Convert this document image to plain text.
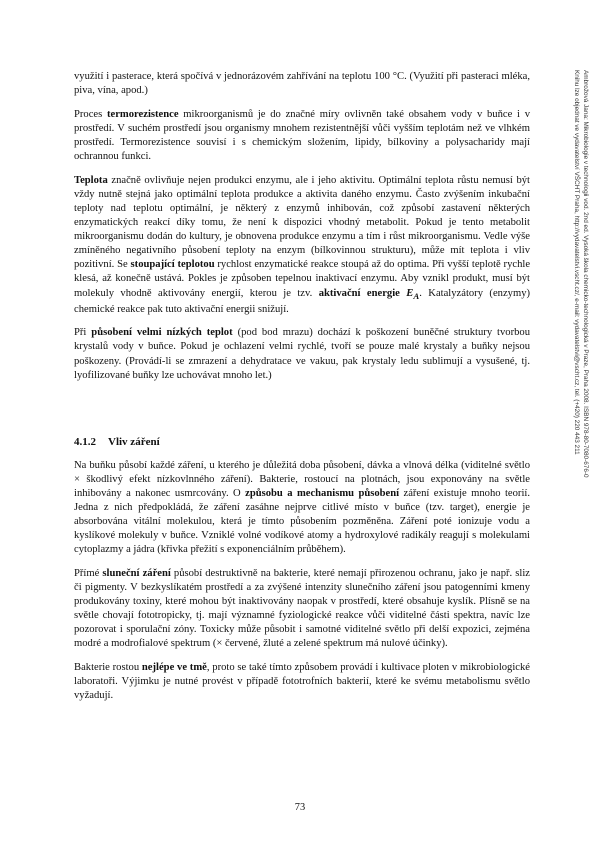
využití i pasterace, která spočívá v jednorázovém zahřívání na teplotu 100 °C. (Využití při pasteraci mléka, piva, vína, apod.)

Proces termorezistence mikroorganismů je do značné míry ovlivněn také obsahem vody v buňce i v prostředí. V suchém prostředí jsou organismy mnohem rezistentnější vůči vyšším teplotám než ve vlhkém prostředí. Termorezistence souvisí i s chemickým složením, lipidy, bílkoviny a polysacharidy mají ochrannou funkci.

Teplota značně ovlivňuje nejen produkci enzymu, ale i jeho aktivitu. Optimální teplota růstu nemusí být vždy nutně stejná jako optimální teplota produkce a aktivita daného enzymu. Často zvýšením inkubační teploty nad teplotu optimální, je některý z enzymů inhibován, což způsobí zastavení některých enzymatických reakcí díky tomu, že není k dispozici vhodný metabolit. Pokud je tento metabolit mikroorganismu dodán do kultury, je obnovena produkce enzymu a tím i růst mikroorganismu. Vedle výše zmíněného negativního působení teploty na enzym (bílkovinnou strukturu), může mít teplota i vliv pozitivní. Se stoupající teplotou rychlost enzymatické reakce stoupá až do optima. Při vyšší teplotě rychle klesá, až konečně ustává. Pokles je způsoben tepelnou inaktivací enzymu. Aby vznikl produkt, musí být molekuly vhodně aktivovány energií, kterou je tzv. aktivační energie $E_A$. Katalyzátory (enzymy) chemické reakce pak tuto aktivační energii snižují.

Při působení velmi nízkých teplot (pod bod mrazu) dochází k poškození buněčné struktury tvorbou krystalů vody v buňce. Pokud je ochlazení velmi rychlé, tvoří se pouze malé krystaly a buňky nejsou poškozeny. (Provádí-li se zmrazení a dehydratace ve vakuu, pak krystaly ledu sublimují a vysušené, tj. lyofilizované buňky lze uchovávat mnoho let.)

4.1.2 Vliv záření

Na buňku působí každé záření, u kterého je důležitá doba působení, dávka a vlnová délka (viditelné světlo × škodlivý efekt nízkovlnného záření). Bakterie, rostoucí na plotnách, jsou exponovány na světle inhibovány a nakonec usmrcovány. O způsobu a mechanismu působení záření existuje mnoho teorií. Jedna z nich předpokládá, že záření zasáhne nejprve citlivé místo v buňce (tzv. target), energie je absorbována vitální molekulou, která je tímto působením pozměněna. Záření poté ionizuje vodu a kyslíkové molekuly v buňce. Vzniklé volné vodíkové atomy a hydroxylové radikály reagují s molekulami cytoplazmy a jádra (křivka přežití s exponenciálním průběhem).

Přímé sluneční záření působí destruktivně na bakterie, které nemají přirozenou ochranu, jako je např. sliz či pigmenty. V bezkyslíkatém prostředí a za zvýšené intenzity slunečního záření jsou patogenními kmeny produkovány toxiny, které mohou být inaktivovány naopak v prostředí, které obsahuje kyslík. Plísně se na světle chovají fototropicky, tj. mají významné fyziologické reakce vůči viditelné části spektra, navíc lze pozorovat i sporulační zóny. Toxicky může působit i samotné viditelné světlo při delší expozici, zejména modré a modrofialové spektrum (× červené, žluté a zelené spektrum má nulové účinky).

Bakterie rostou nejlépe ve tmě, proto se také tímto způsobem provádí i kultivace ploten v mikrobiologické laboratoři. Výjimku je nutné provést v případě fototrofních bakterií, které ke svému metabolismu světlo vyžadují.

Ambrožová Jana: Mikrobiologie v technologii vod. 2nd ed. Vysoká škola chemicko-technologická v Praze, Praha 2008. ISBN 978-80-7080-676-0
Knihu lze objednat ve vydavatelství VŠCHT Praha, http://vydavatelstvi.vscht.cz/, e-mail: vydavatelstvi@vscht.cz, tel. (+420) 220 443 211
73
